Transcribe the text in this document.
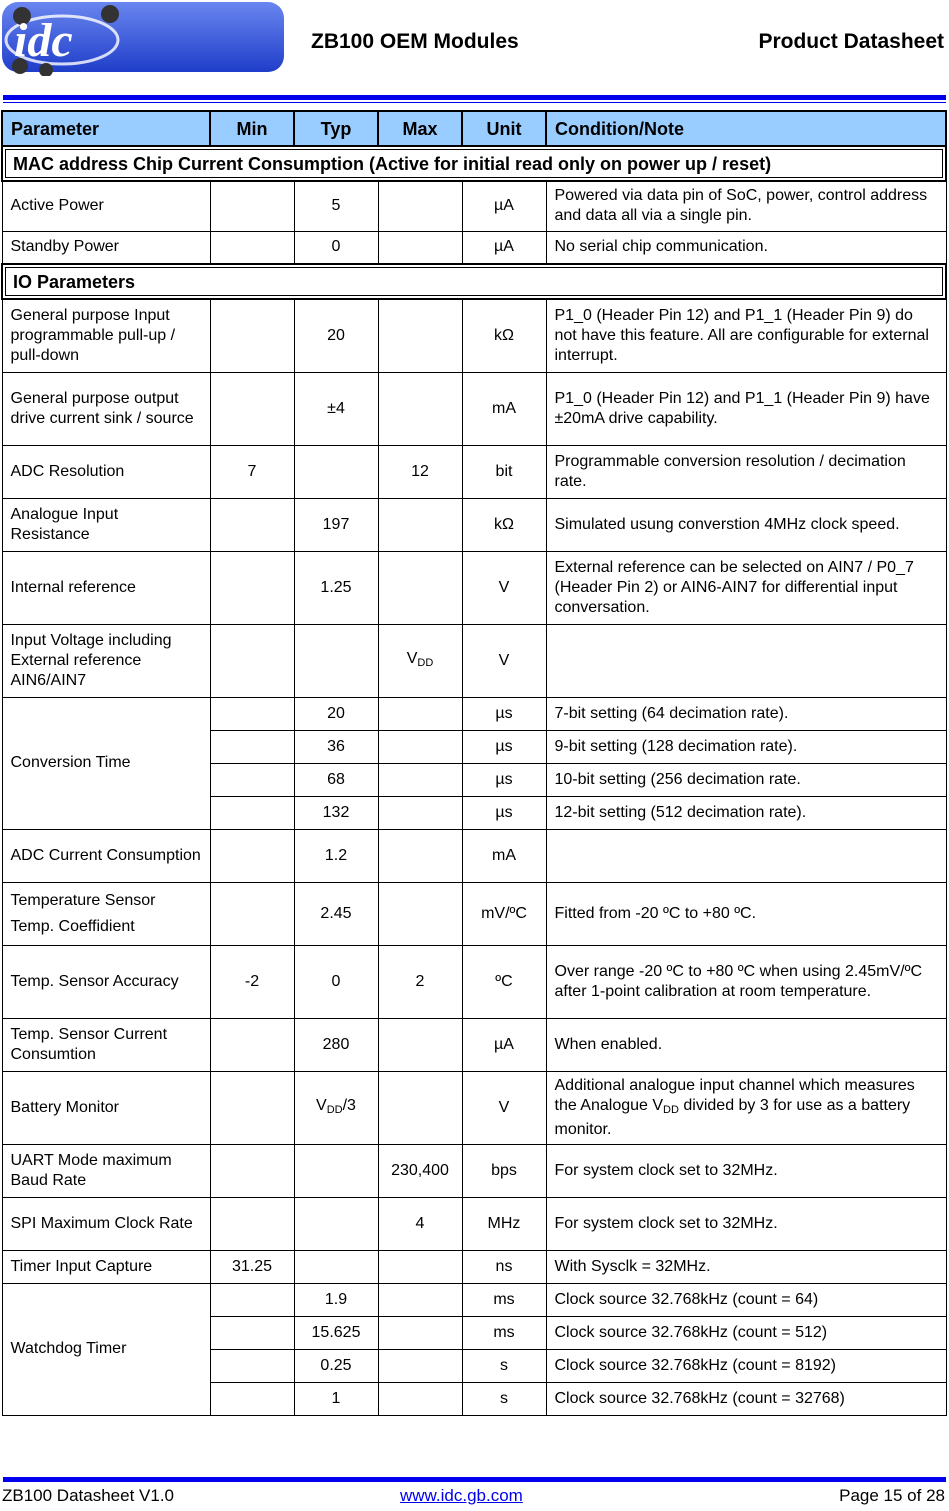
idc	ZB100 OEM Modules	Product Datasheet
Parameter	Min	Typ	Max	Unit	Condition/Note
MAC address Chip Current Consumption (Active for initial read only on power up / reset)					
Active Power		5		µA	Powered via data pin of SoC, power, control address and data all via a single pin.
Standby Power		0		µA	No serial chip communication.
IO Parameters					
General purpose Input programmable pull-up / pull-down		20		kΩ	P1_0 (Header Pin 12) and P1_1 (Header Pin 9) do not have this feature. All are configurable for external interrupt.
General purpose output drive current sink / source		±4		mA	P1_0 (Header Pin 12) and P1_1 (Header Pin 9) have ±20mA drive capability.
ADC Resolution	7		12	bit	Programmable conversion resolution / decimation rate.
Analogue Input Resistance		197		kΩ	Simulated usung converstion 4MHz clock speed.
Internal reference		1.25		V	External reference can be selected on AIN7 / P0_7 (Header Pin 2) or AIN6-AIN7 for differential input conversation.
Input Voltage including External reference AIN6/AIN7			$V_{DD}$	V	
Conversion Time		20		µs	7-bit setting (64 decimation rate).
		36		µs	9-bit setting (128 decimation rate).
		68		µs	10-bit setting (256 decimation rate.
		132		µs	12-bit setting (512 decimation rate).
ADC Current Consumption		1.2		mA	

Temperature Sensor
Temp. Coeffidient		2.45		mV/ºC	Fitted from -20 ºC to +80 ºC.
Temp. Sensor Accuracy	-2	0	2	ºC	Over range -20 ºC to +80 ºC when using 2.45mV/ºC after 1-point calibration at room temperature.
Temp. Sensor Current Consumtion		280		µA	When enabled.
Battery Monitor		$V_{DD}/3$		V	Additional analogue input channel which measures the Analogue $V_{DD}$ divided by 3 for use as a battery monitor.
UART Mode maximum Baud Rate			230,400	bps	For system clock set to 32MHz.
SPI Maximum Clock Rate			4	MHz	For system clock set to 32MHz.
Timer Input Capture	31.25			ns	With Sysclk = 32MHz.
Watchdog Timer		1.9		ms	Clock source 32.768kHz (count = 64)
		15.625		ms	Clock source 32.768kHz (count = 512)
		0.25		s	Clock source 32.768kHz (count = 8192)
		1		s	Clock source 32.768kHz (count = 32768)
ZB100 Datasheet V1.0	www.idc.gb.com	Page 15 of 28
